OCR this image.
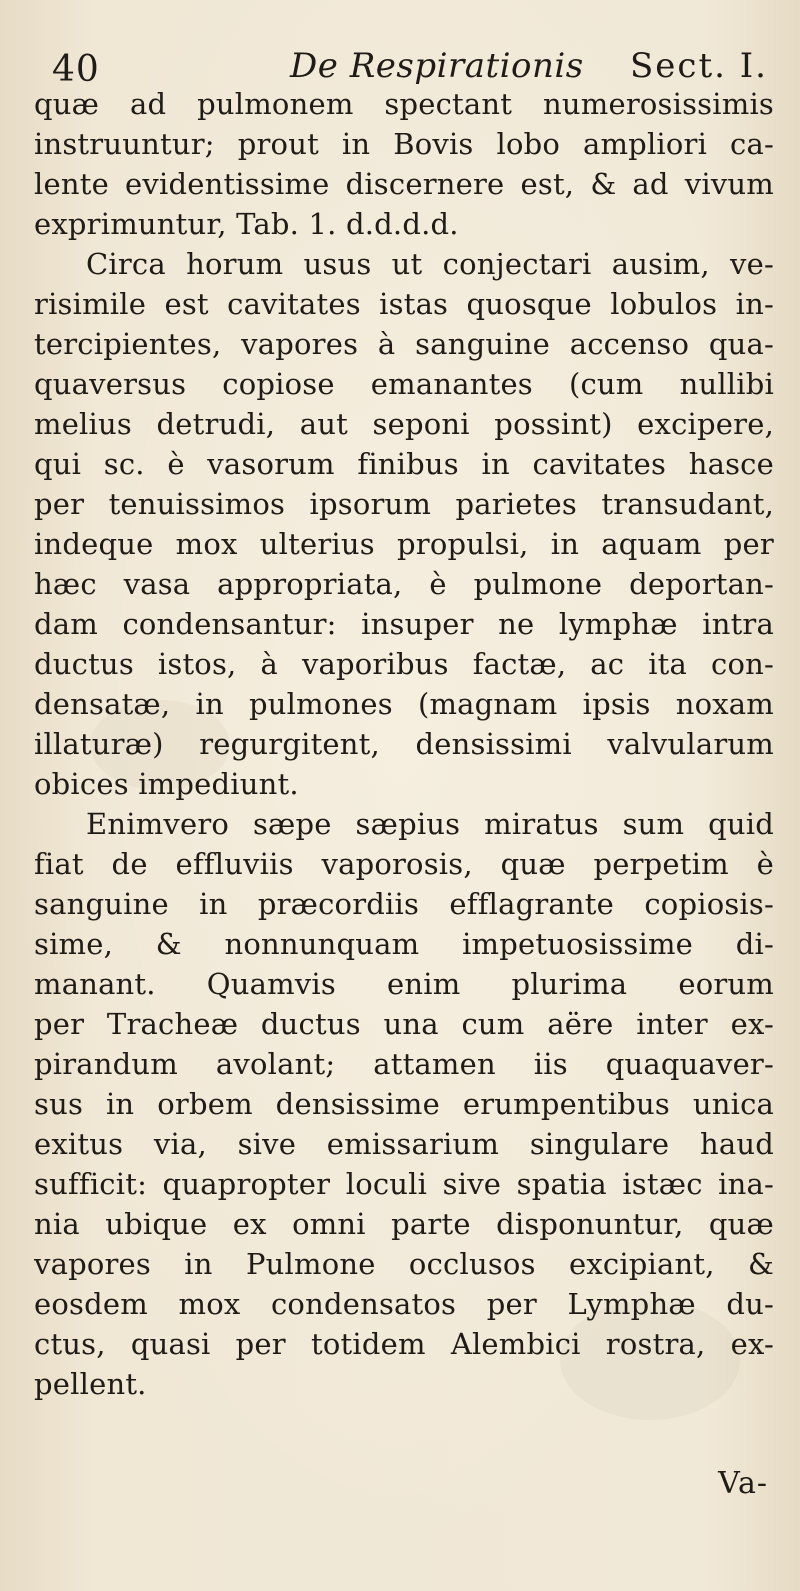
40	De Respirationis Sect. I.
quæ ad pulmonem spectant numerosissimis
instruuntur; prout in Bovis lobo ampliori ca-
lente evidentissime discernere est, & ad vivum
exprimuntur, Tab. 1. d.d.d.d.
Circa horum usus ut conjectari ausim, ve-
risimile est cavitates istas quosque lobulos in-
tercipientes, vapores à sanguine accenso qua-
quaversus copiose emanantes (cum nullibi
melius detrudi, aut seponi possint) excipere,
qui sc. è vasorum finibus in cavitates hasce
per tenuissimos ipsorum parietes transudant,
indeque mox ulterius propulsi, in aquam per
hæc vasa appropriata, è pulmone deportan-
dam condensantur: insuper ne lymphæ intra
ductus istos, à vaporibus factæ, ac ita con-
densatæ, in pulmones (magnam ipsis noxam
illaturæ) regurgitent, densissimi valvularum
obices impediunt.
Enimvero sæpe sæpius miratus sum quid
fiat de effluviis vaporosis, quæ perpetim è
sanguine in præcordiis efflagrante copiosis-
sime, & nonnunquam impetuosissime di-
manant. Quamvis enim plurima eorum
per Tracheæ ductus una cum aëre inter ex-
pirandum avolant; attamen iis quaquaver-
sus in orbem densissime erumpentibus unica
exitus via, sive emissarium singulare haud
sufficit: quapropter loculi sive spatia istæc ina-
nia ubique ex omni parte disponuntur, quæ
vapores in Pulmone occlusos excipiant, &
eosdem mox condensatos per Lymphæ du-
ctus, quasi per totidem Alembici rostra, ex-
pellent.
Va-
